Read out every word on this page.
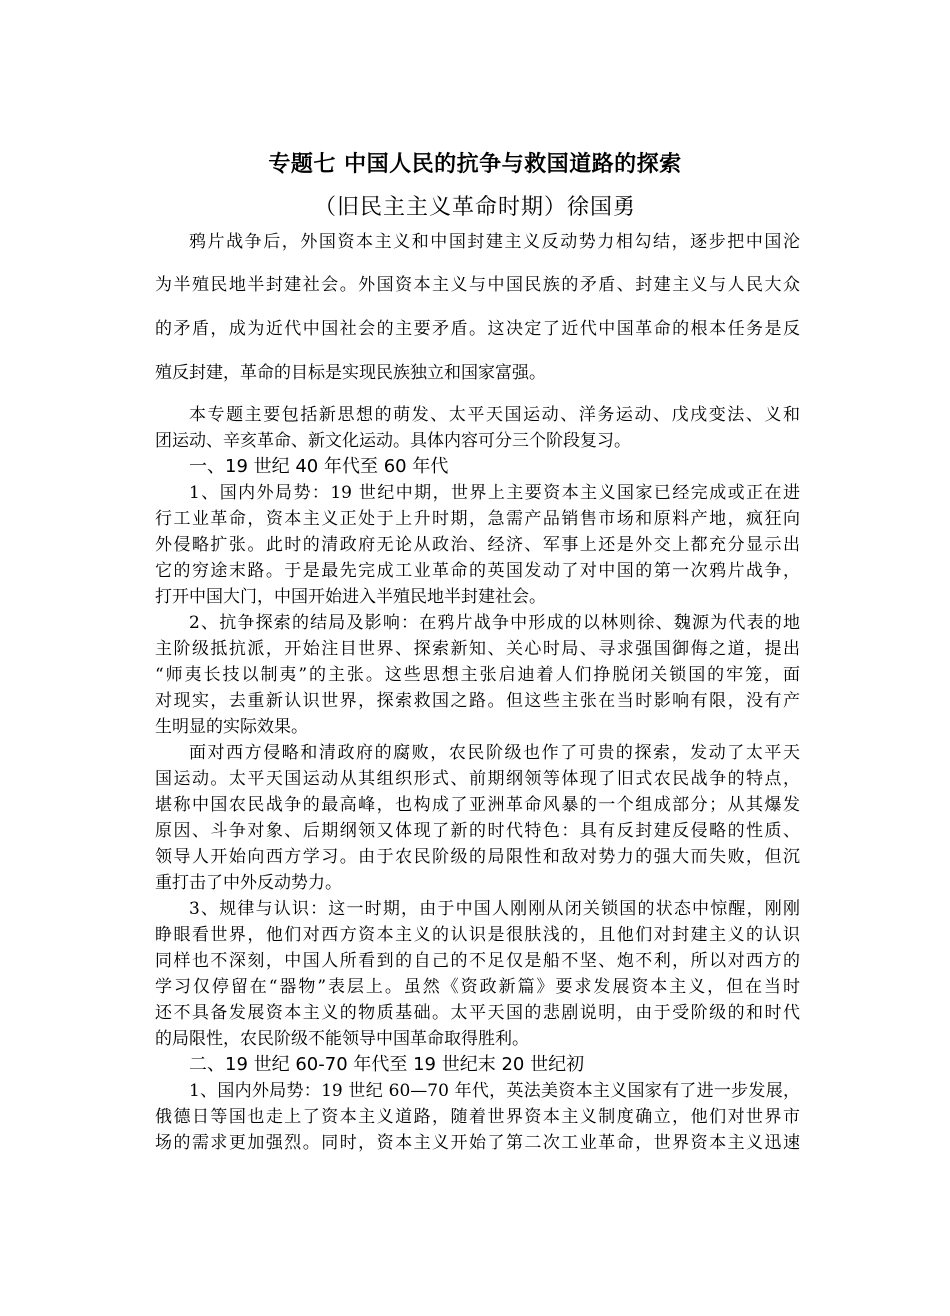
专题七 中国人民的抗争与救国道路的探索
（旧民主主义革命时期）徐国勇
鸦片战争后，外国资本主义和中国封建主义反动势力相勾结，逐步把中国沦
为半殖民地半封建社会。外国资本主义与中国民族的矛盾、封建主义与人民大众
的矛盾，成为近代中国社会的主要矛盾。这决定了近代中国革命的根本任务是反
殖反封建，革命的目标是实现民族独立和国家富强。
本专题主要包括新思想的萌发、太平天国运动、洋务运动、戊戌变法、义和
团运动、辛亥革命、新文化运动。具体内容可分三个阶段复习。
一、19 世纪 40 年代至 60 年代
1、国内外局势：19 世纪中期，世界上主要资本主义国家已经完成或正在进
行工业革命，资本主义正处于上升时期，急需产品销售市场和原料产地，疯狂向
外侵略扩张。此时的清政府无论从政治、经济、军事上还是外交上都充分显示出
它的穷途末路。于是最先完成工业革命的英国发动了对中国的第一次鸦片战争，
打开中国大门，中国开始进入半殖民地半封建社会。
2、抗争探索的结局及影响：在鸦片战争中形成的以林则徐、魏源为代表的地
主阶级抵抗派，开始注目世界、探索新知、关心时局、寻求强国御侮之道，提出
“师夷长技以制夷”的主张。这些思想主张启迪着人们挣脱闭关锁国的牢笼，面
对现实，去重新认识世界，探索救国之路。但这些主张在当时影响有限，没有产
生明显的实际效果。
面对西方侵略和清政府的腐败，农民阶级也作了可贵的探索，发动了太平天
国运动。太平天国运动从其组织形式、前期纲领等体现了旧式农民战争的特点，
堪称中国农民战争的最高峰，也构成了亚洲革命风暴的一个组成部分；从其爆发
原因、斗争对象、后期纲领又体现了新的时代特色：具有反封建反侵略的性质、
领导人开始向西方学习。由于农民阶级的局限性和敌对势力的强大而失败，但沉
重打击了中外反动势力。
3、规律与认识：这一时期，由于中国人刚刚从闭关锁国的状态中惊醒，刚刚
睁眼看世界，他们对西方资本主义的认识是很肤浅的，且他们对封建主义的认识
同样也不深刻，中国人所看到的自己的不足仅是船不坚、炮不利，所以对西方的
学习仅停留在“器物”表层上。虽然《资政新篇》要求发展资本主义，但在当时
还不具备发展资本主义的物质基础。太平天国的悲剧说明，由于受阶级的和时代
的局限性，农民阶级不能领导中国革命取得胜利。
二、19 世纪 60-70 年代至 19 世纪末 20 世纪初
1、国内外局势：19 世纪 60—70 年代，英法美资本主义国家有了进一步发展，
俄德日等国也走上了资本主义道路，随着世界资本主义制度确立，他们对世界市
场的需求更加强烈。同时，资本主义开始了第二次工业革命，世界资本主义迅速
